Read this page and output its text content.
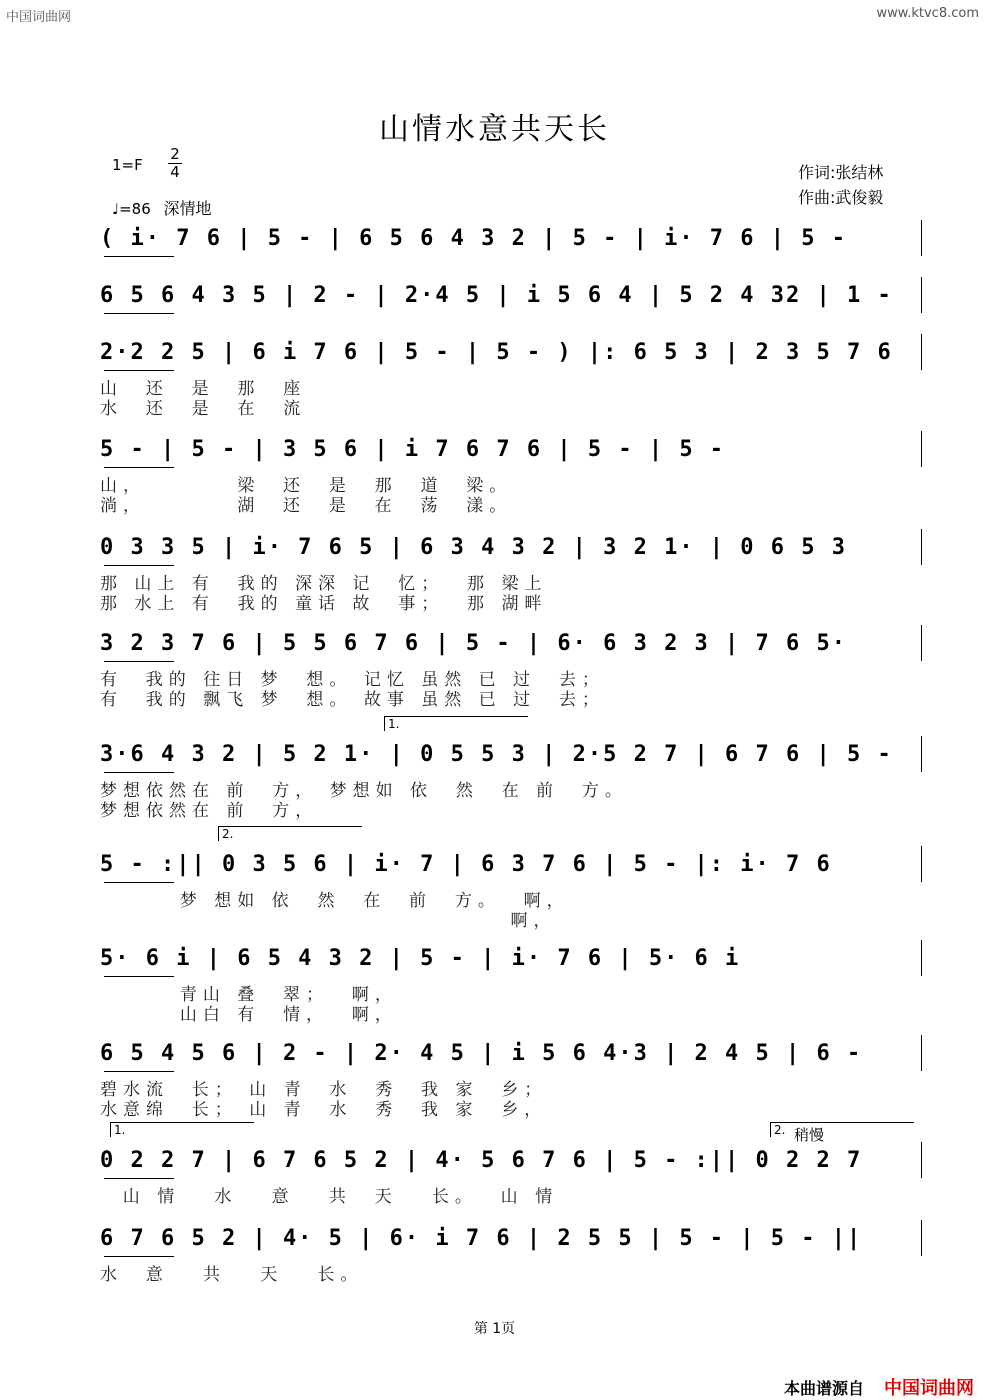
中国词曲网	www.ktvc8.com
山情水意共天长
1=F
2
4
♩=86 深情地
作词:张结林
作曲:武俊毅
( i· 7 6 | 5 - | 6 5 6 4 3 2 | 5 - | i· 7 6 | 5 -
6 5 6 4 3 5 | 2 - | 2·4 5 | i 5 6 4 | 5 2 4 32 | 1 -
2·2 2 5 | 6 i 7 6 | 5 - | 5 - ) |: 6 5 3 | 2 3 5 7 6
山  还  是  那  座
水  还  是  在  流
5 - | 5 - | 3 5 6 | i 7 6 7 6 | 5 - | 5 -
山，        梁  还  是  那  道  梁。
淌，        湖  还  是  在  荡  漾。
0 3 3 5 | i· 7 6 5 | 6 3 4 3 2 | 3 2 1· | 0 6 5 3
那 山上 有  我的 深深 记  忆；  那 梁上
那 水上 有  我的 童话 故  事；  那 湖畔
3 2 3 7 6 | 5 5 6 7 6 | 5 - | 6· 6 3 2 3 | 7 6 5·
有  我的 往日 梦  想。 记忆 虽然 已 过  去；
有  我的 飘飞 梦  想。 故事 虽然 已 过  去；
3·6 4 3 2 | 5 2 1· | 0 5 5 3 | 2·5 2 7 | 6 7 6 | 5 -
梦想依然在 前  方， 梦想如 依  然  在 前  方。
梦想依然在 前  方，
5 - :|| 0 3 5 6 | i· 7 | 6 3 7 6 | 5 - |: i· 7 6
梦 想如 依  然  在  前  方。  啊，
啊，
5· 6 i | 6 5 4 3 2 | 5 - | i· 7 6 | 5· 6 i
青山 叠  翠；  啊，
山白 有  情，  啊，
6 5 4 5 6 | 2 - | 2· 4 5 | i 5 6 4·3 | 2 4 5 | 6 -
碧水流  长； 山 青  水  秀  我 家  乡；
水意绵  长； 山 青  水  秀  我 家  乡，
0 2 2 7 | 6 7 6 5 2 | 4· 5 6 7 6 | 5 - :|| 0 2 2 7
山 情   水   意   共  天   长。  山 情
6 7 6 5 2 | 4· 5 | 6· i 7 6 | 2 5 5 | 5 - | 5 - ||
水  意   共   天   长。
第 1页
本曲谱源自 中国词曲网
1.
2.
1.	2. 稍慢
